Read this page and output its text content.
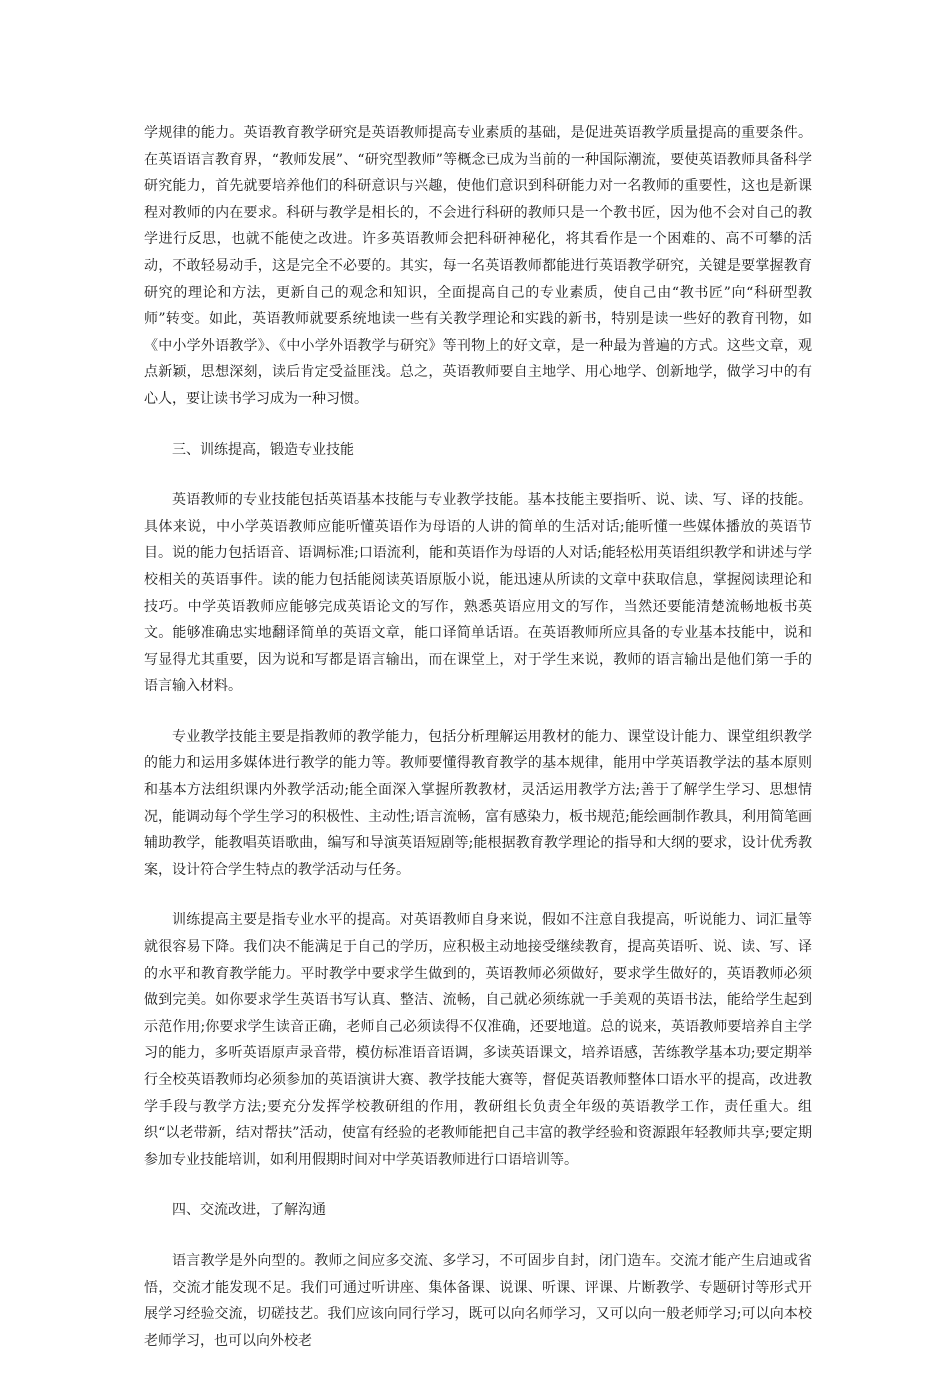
学规律的能力。英语教育教学研究是英语教师提高专业素质的基础，是促进英语教学质量提高的重要条件。在英语语言教育界，“教师发展”、“研究型教师”等概念已成为当前的一种国际潮流，要使英语教师具备科学研究能力，首先就要培养他们的科研意识与兴趣，使他们意识到科研能力对一名教师的重要性，这也是新课程对教师的内在要求。科研与教学是相长的，不会进行科研的教师只是一个教书匠，因为他不会对自己的教学进行反思，也就不能使之改进。许多英语教师会把科研神秘化，将其看作是一个困难的、高不可攀的活动，不敢轻易动手，这是完全不必要的。其实，每一名英语教师都能进行英语教学研究，关键是要掌握教育研究的理论和方法，更新自己的观念和知识，全面提高自己的专业素质，使自己由“教书匠”向“科研型教师”转变。如此，英语教师就要系统地读一些有关教学理论和实践的新书，特别是读一些好的教育刊物，如《中小学外语教学》、《中小学外语教学与研究》等刊物上的好文章，是一种最为普遍的方式。这些文章，观点新颖，思想深刻，读后肯定受益匪浅。总之，英语教师要自主地学、用心地学、创新地学，做学习中的有心人，要让读书学习成为一种习惯。

三、训练提高，锻造专业技能

英语教师的专业技能包括英语基本技能与专业教学技能。基本技能主要指听、说、读、写、译的技能。具体来说，中小学英语教师应能听懂英语作为母语的人讲的简单的生活对话;能听懂一些媒体播放的英语节目。说的能力包括语音、语调标准;口语流利，能和英语作为母语的人对话;能轻松用英语组织教学和讲述与学校相关的英语事件。读的能力包括能阅读英语原版小说，能迅速从所读的文章中获取信息，掌握阅读理论和技巧。中学英语教师应能够完成英语论文的写作，熟悉英语应用文的写作，当然还要能清楚流畅地板书英文。能够准确忠实地翻译简单的英语文章，能口译简单话语。在英语教师所应具备的专业基本技能中，说和写显得尤其重要，因为说和写都是语言输出，而在课堂上，对于学生来说，教师的语言输出是他们第一手的语言输入材料。

专业教学技能主要是指教师的教学能力，包括分析理解运用教材的能力、课堂设计能力、课堂组织教学的能力和运用多媒体进行教学的能力等。教师要懂得教育教学的基本规律，能用中学英语教学法的基本原则和基本方法组织课内外教学活动;能全面深入掌握所教教材，灵活运用教学方法;善于了解学生学习、思想情况，能调动每个学生学习的积极性、主动性;语言流畅，富有感染力，板书规范;能绘画制作教具，利用简笔画辅助教学，能教唱英语歌曲，编写和导演英语短剧等;能根据教育教学理论的指导和大纲的要求，设计优秀教案，设计符合学生特点的教学活动与任务。

训练提高主要是指专业水平的提高。对英语教师自身来说，假如不注意自我提高，听说能力、词汇量等就很容易下降。我们决不能满足于自己的学历，应积极主动地接受继续教育，提高英语听、说、读、写、译的水平和教育教学能力。平时教学中要求学生做到的，英语教师必须做好，要求学生做好的，英语教师必须做到完美。如你要求学生英语书写认真、整洁、流畅，自己就必须练就一手美观的英语书法，能给学生起到示范作用;你要求学生读音正确，老师自己必须读得不仅准确，还要地道。总的说来，英语教师要培养自主学习的能力，多听英语原声录音带，模仿标准语音语调，多读英语课文，培养语感，苦练教学基本功;要定期举行全校英语教师均必须参加的英语演讲大赛、教学技能大赛等，督促英语教师整体口语水平的提高，改进教学手段与教学方法;要充分发挥学校教研组的作用，教研组长负责全年级的英语教学工作，责任重大。组织“以老带新，结对帮扶”活动，使富有经验的老教师能把自己丰富的教学经验和资源跟年轻教师共享;要定期参加专业技能培训，如利用假期时间对中学英语教师进行口语培训等。

四、交流改进，了解沟通

语言教学是外向型的。教师之间应多交流、多学习，不可固步自封，闭门造车。交流才能产生启迪或省悟，交流才能发现不足。我们可通过听讲座、集体备课、说课、听课、评课、片断教学、专题研讨等形式开展学习经验交流，切磋技艺。我们应该向同行学习，既可以向名师学习，又可以向一般老师学习;可以向本校老师学习，也可以向外校老
